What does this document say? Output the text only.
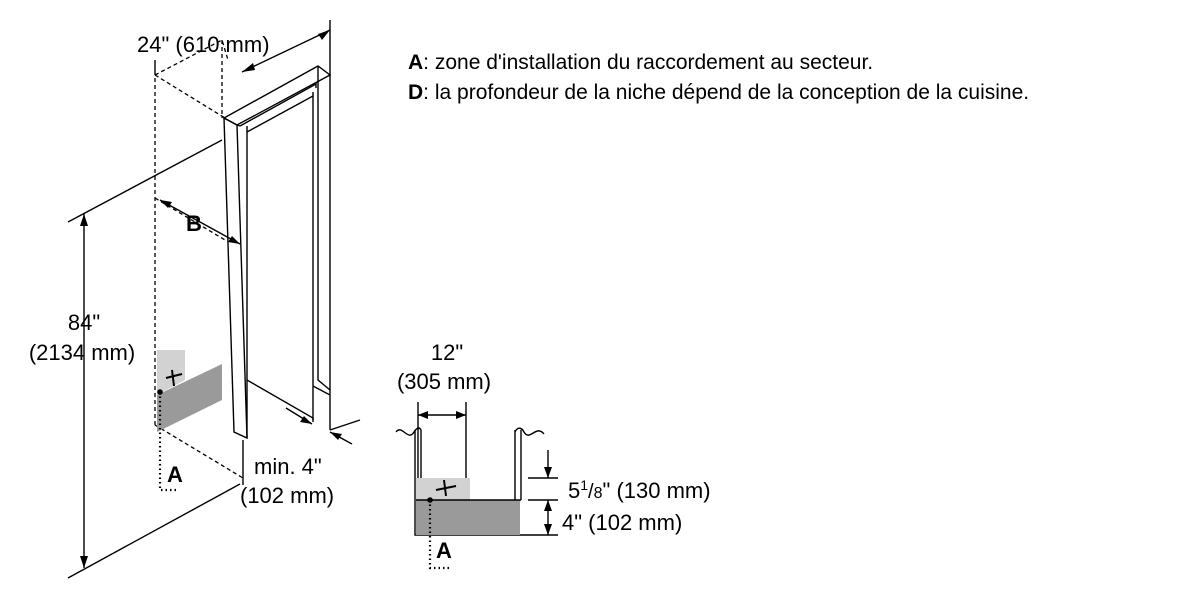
A: zone d'installation du raccordement au secteur.
D: la profondeur de la niche dépend de la conception de la cuisine.
24" (610 mm)
B
84"
(2134 mm)
A	min. 4"
(102 mm)
12"
(305 mm)
A
$5^1/8$" (130 mm)
4" (102 mm)
